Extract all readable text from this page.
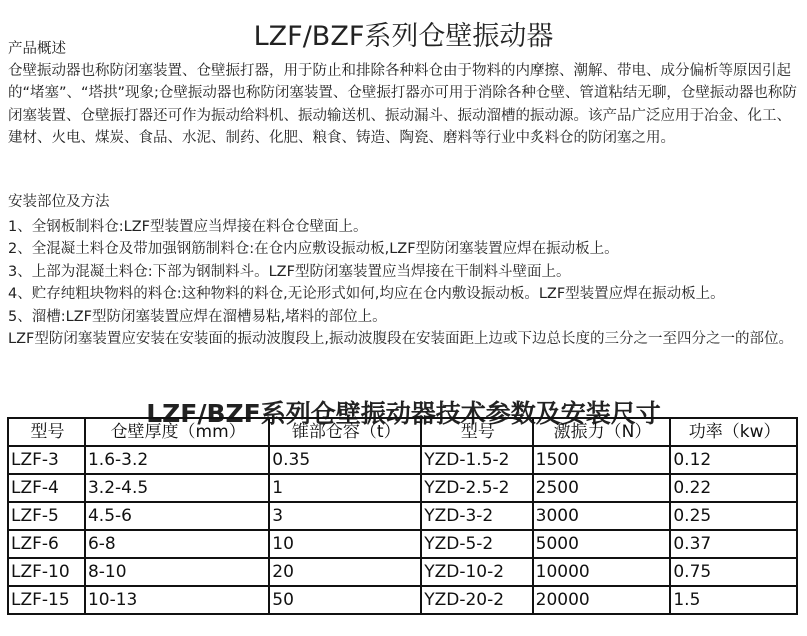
LZF/BZF系列仓壁振动器
产品概述
仓壁振动器也称防闭塞装置、仓壁振打器，用于防止和排除各种料仓由于物料的内摩擦、潮解、带电、成分偏析等原因引起的“堵塞”、“塔拱”现象;仓壁振动器也称防闭塞装置、仓壁振打器亦可用于消除各种仓壁、管道粘结无聊，仓壁振动器也称防闭塞装置、仓壁振打器还可作为振动给料机、振动输送机、振动漏斗、振动溜槽的振动源。该产品广泛应用于冶金、化工、建材、火电、煤炭、食品、水泥、制药、化肥、粮食、铸造、陶瓷、磨料等行业中炙料仓的防闭塞之用。
安装部位及方法
1、全钢板制料仓:LZF型装置应当焊接在料仓仓壁面上。
2、全混凝土料仓及带加强钢筋制料仓:在仓内应敷设振动板,LZF型防闭塞装置应焊在振动板上。
3、上部为混凝土料仓:下部为钢制料斗。LZF型防闭塞装置应当焊接在干制料斗壁面上。
4、贮存纯粗块物料的料仓:这种物料的料仓,无论形式如何,均应在仓内敷设振动板。LZF型装置应焊在振动板上。
5、溜槽:LZF型防闭塞装置应焊在溜槽易粘,堵料的部位上。
LZF型防闭塞装置应安装在安装面的振动波腹段上,振动波腹段在安装面距上边或下边总长度的三分之一至四分之一的部位。
LZF/BZF系列仓壁振动器技术参数及安装尺寸
型号	仓壁厚度（mm）	锥部仓容（t）	型号	激振力（N）	功率（kw）
LZF-3	1.6-3.2	0.35	YZD-1.5-2	1500	0.12
LZF-4	3.2-4.5	1	YZD-2.5-2	2500	0.22
LZF-5	4.5-6	3	YZD-3-2	3000	0.25
LZF-6	6-8	10	YZD-5-2	5000	0.37
LZF-10	8-10	20	YZD-10-2	10000	0.75
LZF-15	10-13	50	YZD-20-2	20000	1.5
